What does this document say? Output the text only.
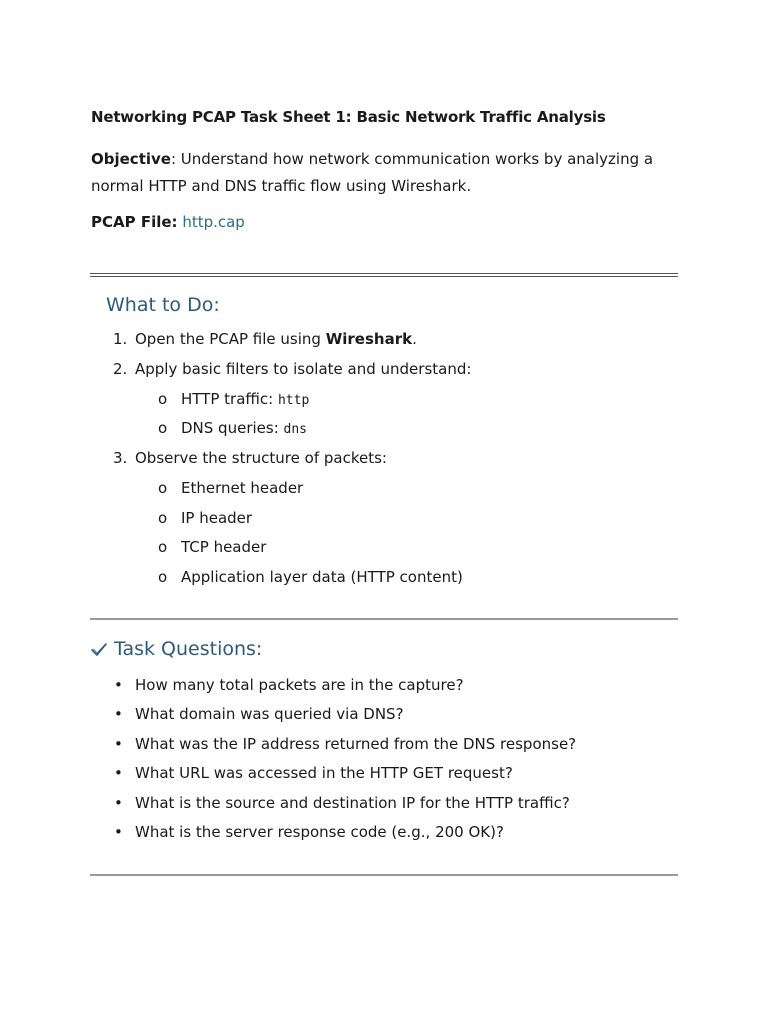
Networking PCAP Task Sheet 1: Basic Network Traffic Analysis
Objective: Understand how network communication works by analyzing a normal HTTP and DNS traffic flow using Wireshark.
PCAP File: http.cap
What to Do:
1. Open the PCAP file using Wireshark.
2. Apply basic filters to isolate and understand:
o HTTP traffic: http
o DNS queries: dns
3. Observe the structure of packets:
o Ethernet header
o IP header
o TCP header
o Application layer data (HTTP content)
Task Questions:
• How many total packets are in the capture?
• What domain was queried via DNS?
• What was the IP address returned from the DNS response?
• What URL was accessed in the HTTP GET request?
• What is the source and destination IP for the HTTP traffic?
• What is the server response code (e.g., 200 OK)?
